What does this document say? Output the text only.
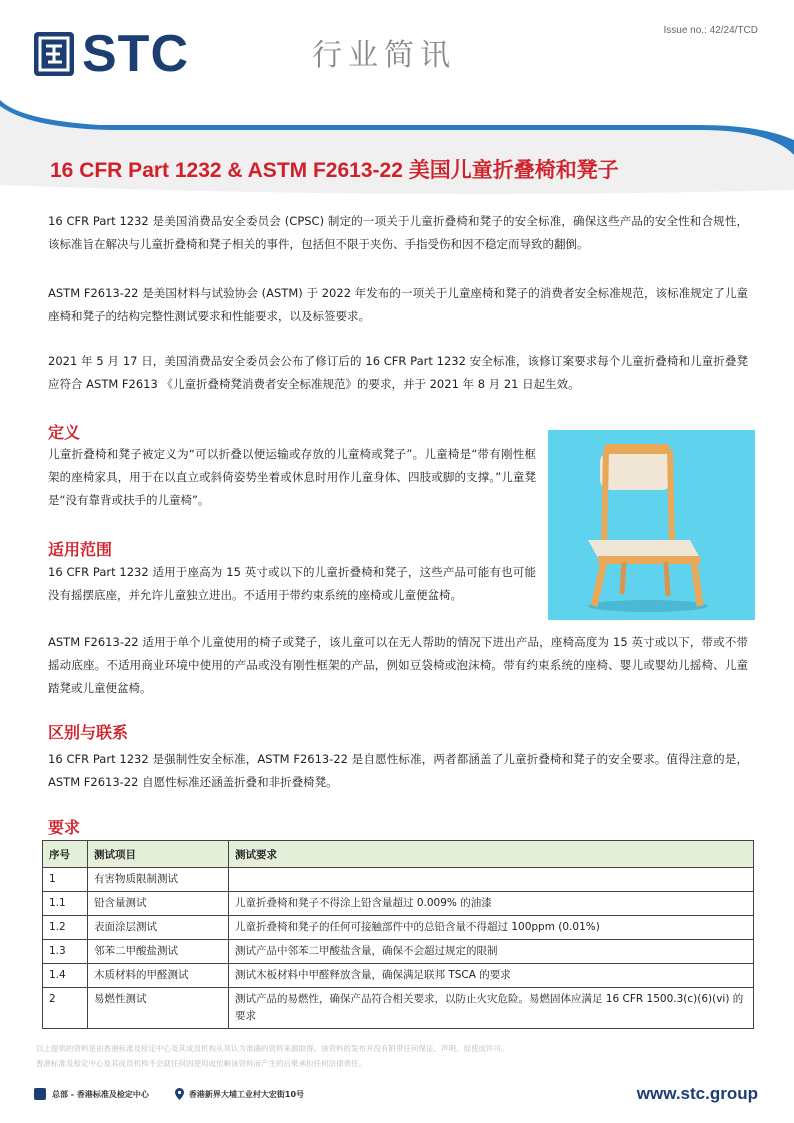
Issue no.: 42/24/TCD
STC	行业简讯
16 CFR Part 1232 & ASTM F2613-22 美国儿童折叠椅和凳子
16 CFR Part 1232 是美国消费品安全委员会 (CPSC) 制定的一项关于儿童折叠椅和凳子的安全标准，确保这些产品的安全性和合规性，该标准旨在解决与儿童折叠椅和凳子相关的事件，包括但不限于夹伤、手指受伤和因不稳定而导致的翻倒。
ASTM F2613-22 是美国材料与试验协会 (ASTM) 于 2022 年发布的一项关于儿童座椅和凳子的消费者安全标准规范，该标准规定了儿童座椅和凳子的结构完整性测试要求和性能要求，以及标签要求。
2021 年 5 月 17 日，美国消费品安全委员会公布了修订后的 16 CFR Part 1232 安全标准，该修订案要求每个儿童折叠椅和儿童折叠凳应符合 ASTM F2613 《儿童折叠椅凳消费者安全标准规范》的要求，并于 2021 年 8 月 21 日起生效。
定义
儿童折叠椅和凳子被定义为“可以折叠以便运输或存放的儿童椅或凳子”。儿童椅是“带有刚性框架的座椅家具，用于在以直立或斜倚姿势坐着或休息时用作儿童身体、四肢或脚的支撑。”儿童凳是“没有靠背或扶手的儿童椅”。
适用范围
16 CFR Part 1232 适用于座高为 15 英寸或以下的儿童折叠椅和凳子，这些产品可能有也可能没有摇摆底座，并允许儿童独立进出。不适用于带约束系统的座椅或儿童便盆椅。
ASTM F2613-22 适用于单个儿童使用的椅子或凳子，该儿童可以在无人帮助的情况下进出产品，座椅高度为 15 英寸或以下，带或不带摇动底座。不适用商业环境中使用的产品或没有刚性框架的产品，例如豆袋椅或泡沫椅。带有约束系统的座椅、婴儿或婴幼儿摇椅、儿童踏凳或儿童便盆椅。
区别与联系
16 CFR Part 1232 是强制性安全标准，ASTM F2613-22 是自愿性标准，两者都涵盖了儿童折叠椅和凳子的安全要求。值得注意的是，ASTM F2613-22 自愿性标准还涵盖折叠和非折叠椅凳。
要求
序号	测试项目	测试要求
1	有害物质限制测试	
1.1	铅含量测试	儿童折叠椅和凳子不得涂上铅含量超过 0.009% 的油漆
1.2	表面涂层测试	儿童折叠椅和凳子的任何可接触部件中的总铅含量不得超过 100ppm (0.01%)
1.3	邻苯二甲酸盐测试	测试产品中邻苯二甲酸盐含量，确保不会超过规定的限制
1.4	木质材料的甲醛测试	测试木板材料中甲醛释放含量，确保满足联邦 TSCA 的要求
2	易燃性测试	测试产品的易燃性，确保产品符合相关要求，以防止火灾危险。易燃固体应满足 16 CFR 1500.3(c)(6)(vi) 的要求
以上提供的资料是由香港标准及检定中心及其成员机构从其认为准确的资料来源取得。该资料的发布并没有附带任何保证、声明、促使或许可。
香港标准及检定中心及其成员机构不会就任何因使用或依赖该资料而产生的后果承担任何法律责任。
总部 - 香港标准及检定中心	香港新界大埔工业村大宏街10号	www.stc.group
